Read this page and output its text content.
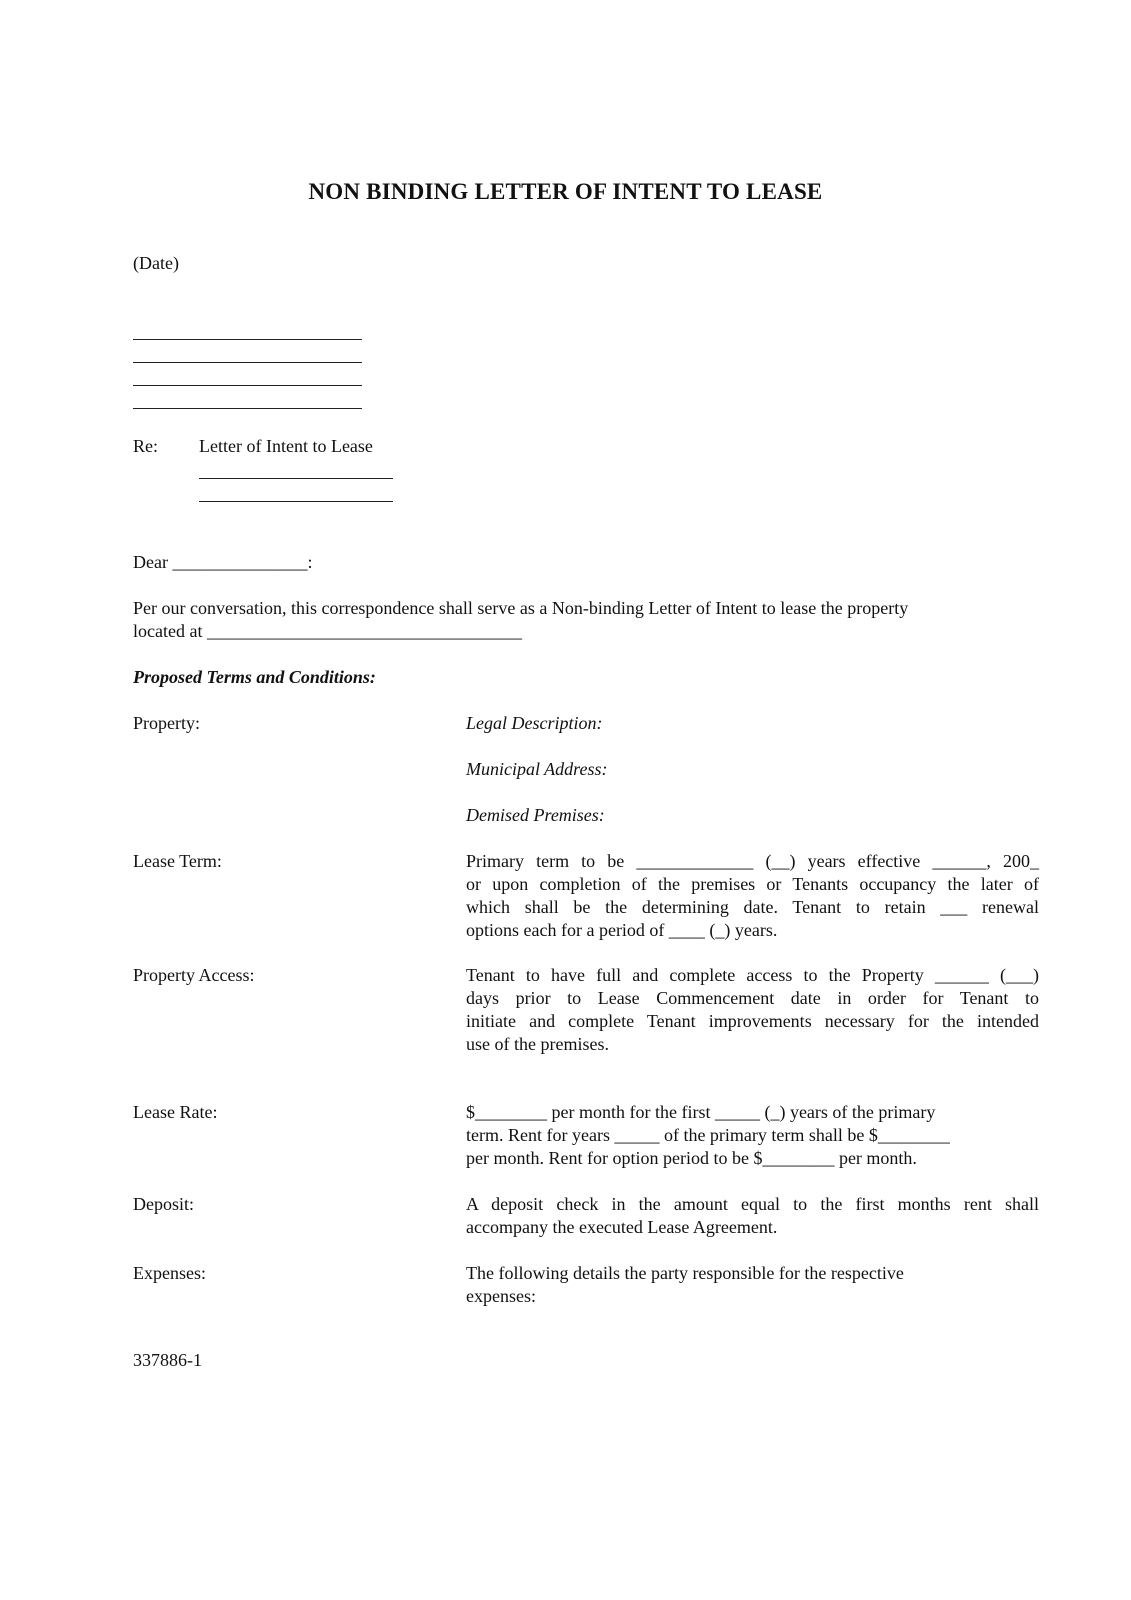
NON BINDING LETTER OF INTENT TO LEASE
(Date)
Re: Letter of Intent to Lease
Dear _______________:
Per our conversation, this correspondence shall serve as a Non-binding Letter of Intent to lease the property
located at ___________________________________
Proposed Terms and Conditions:
Property:	Legal Description:
Municipal Address:
Demised Premises:
Lease Term:	Primary term to be _____________ (__) years effective ______, 200_
or upon completion of the premises or Tenants occupancy the later of
which shall be the determining date. Tenant to retain ___ renewal
options each for a period of ____ (_) years.
Property Access:	Tenant to have full and complete access to the Property ______ (___)
days prior to Lease Commencement date in order for Tenant to
initiate and complete Tenant improvements necessary for the intended
use of the premises.
Lease Rate:	$________ per month for the first _____ (_) years of the primary
term. Rent for years _____ of the primary term shall be $________
per month. Rent for option period to be $________ per month.
Deposit:	A deposit check in the amount equal to the first months rent shall
accompany the executed Lease Agreement.
Expenses:	The following details the party responsible for the respective
expenses:
337886-1
